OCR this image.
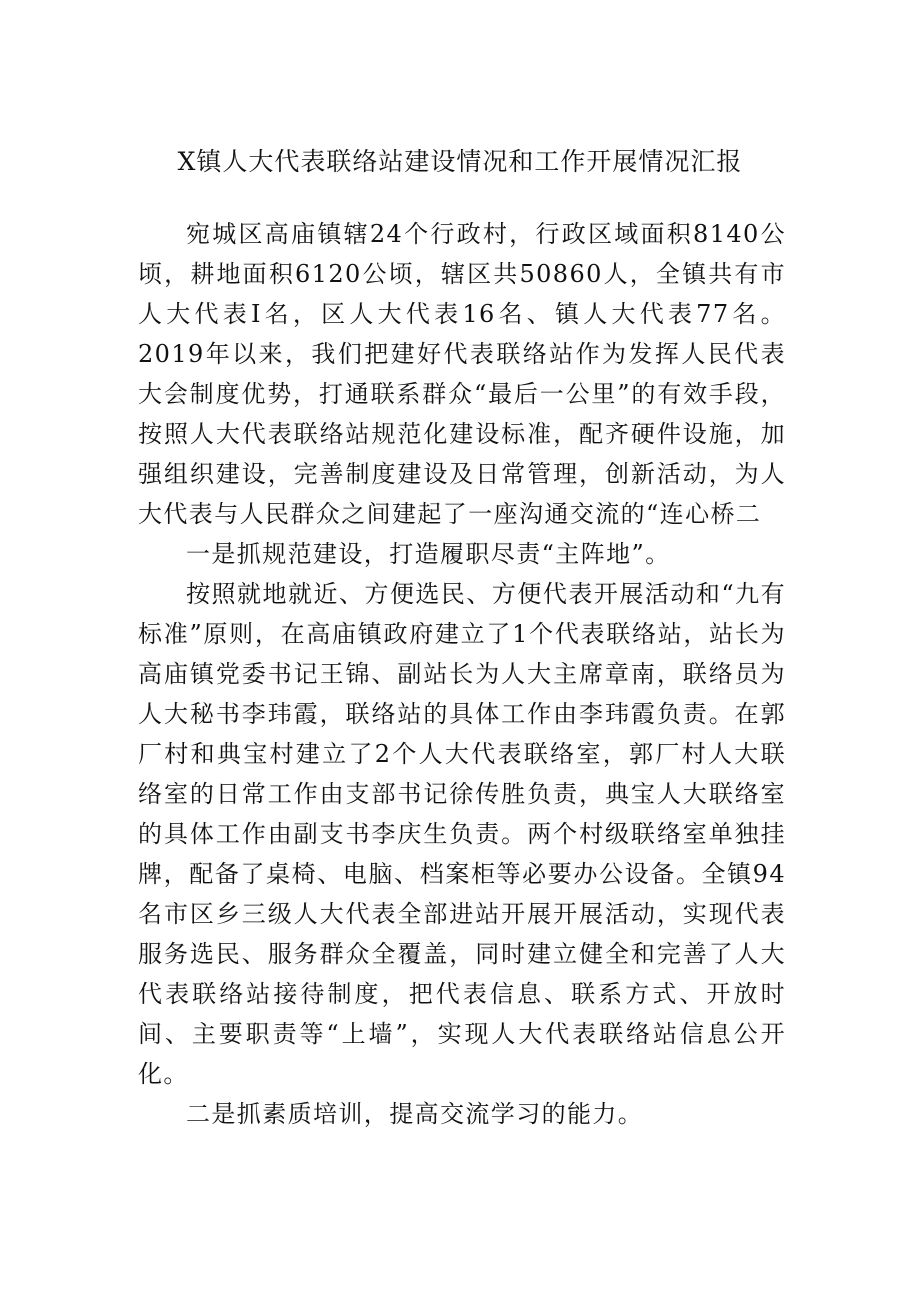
X镇人大代表联络站建设情况和工作开展情况汇报

宛城区高庙镇辖24个行政村，行政区域面积8140公顷，耕地面积6120公顷，辖区共50860人，全镇共有市人大代表I名，区人大代表16名、镇人大代表77名。2019年以来，我们把建好代表联络站作为发挥人民代表大会制度优势，打通联系群众“最后一公里”的有效手段，按照人大代表联络站规范化建设标准，配齐硬件设施，加强组织建设，完善制度建设及日常管理，创新活动，为人大代表与人民群众之间建起了一座沟通交流的“连心桥二

一是抓规范建设，打造履职尽责“主阵地”。

按照就地就近、方便选民、方便代表开展活动和“九有标准”原则，在高庙镇政府建立了1个代表联络站，站长为高庙镇党委书记王锦、副站长为人大主席章南，联络员为人大秘书李玮霞，联络站的具体工作由李玮霞负责。在郭厂村和典宝村建立了2个人大代表联络室，郭厂村人大联络室的日常工作由支部书记徐传胜负责，典宝人大联络室的具体工作由副支书李庆生负责。两个村级联络室单独挂牌，配备了桌椅、电脑、档案柜等必要办公设备。全镇94名市区乡三级人大代表全部进站开展开展活动，实现代表服务选民、服务群众全覆盖，同时建立健全和完善了人大代表联络站接待制度，把代表信息、联系方式、开放时间、主要职责等“上墙”，实现人大代表联络站信息公开化。

二是抓素质培训，提高交流学习的能力。
